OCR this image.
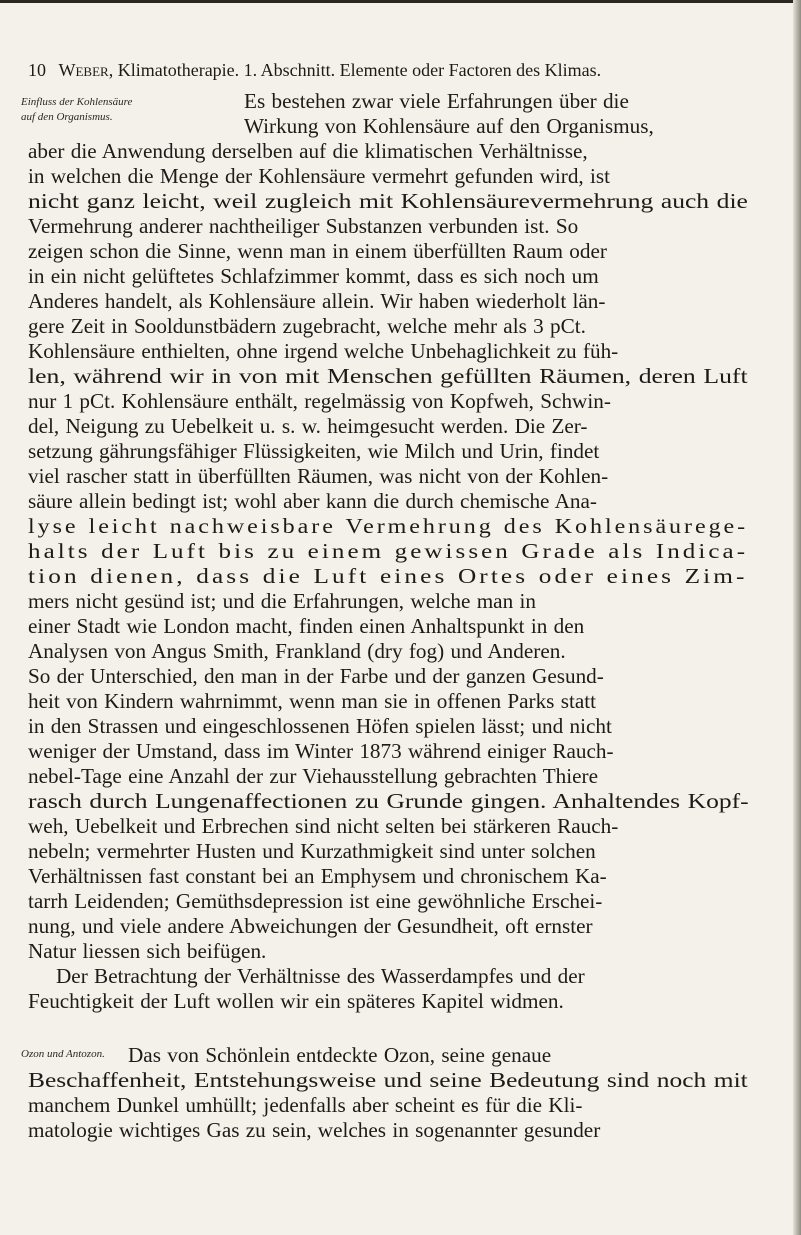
10 Weber, Klimatotherapie. 1. Abschnitt. Elemente oder Factoren des Klimas.
Einfluss der Kohlensäure
auf den Organismus.
Ozon und Antozon.
Es bestehen zwar viele Erfahrungen über die
Wirkung von Kohlensäure auf den Organismus,
aber die Anwendung derselben auf die klimatischen Verhältnisse,
in welchen die Menge der Kohlensäure vermehrt gefunden wird, ist
nicht ganz leicht, weil zugleich mit Kohlensäurevermehrung auch die
Vermehrung anderer nachtheiliger Substanzen verbunden ist. So
zeigen schon die Sinne, wenn man in einem überfüllten Raum oder
in ein nicht gelüftetes Schlafzimmer kommt, dass es sich noch um
Anderes handelt, als Kohlensäure allein. Wir haben wiederholt län-
gere Zeit in Sooldunstbädern zugebracht, welche mehr als 3 pCt.
Kohlensäure enthielten, ohne irgend welche Unbehaglichkeit zu füh-
len, während wir in von mit Menschen gefüllten Räumen, deren Luft
nur 1 pCt. Kohlensäure enthält, regelmässig von Kopfweh, Schwin-
del, Neigung zu Uebelkeit u. s. w. heimgesucht werden. Die Zer-
setzung gährungsfähiger Flüssigkeiten, wie Milch und Urin, findet
viel rascher statt in überfüllten Räumen, was nicht von der Kohlen-
säure allein bedingt ist; wohl aber kann die durch chemische Ana-
lyse leicht nachweisbare Vermehrung des Kohlensäurege-
halts der Luft bis zu einem gewissen Grade als Indica-
tion dienen, dass die Luft eines Ortes oder eines Zim-
mers nicht gesünd ist; und die Erfahrungen, welche man in
einer Stadt wie London macht, finden einen Anhaltspunkt in den
Analysen von Angus Smith, Frankland (dry fog) und Anderen.
So der Unterschied, den man in der Farbe und der ganzen Gesund-
heit von Kindern wahrnimmt, wenn man sie in offenen Parks statt
in den Strassen und eingeschlossenen Höfen spielen lässt; und nicht
weniger der Umstand, dass im Winter 1873 während einiger Rauch-
nebel-Tage eine Anzahl der zur Viehausstellung gebrachten Thiere
rasch durch Lungenaffectionen zu Grunde gingen. Anhaltendes Kopf-
weh, Uebelkeit und Erbrechen sind nicht selten bei stärkeren Rauch-
nebeln; vermehrter Husten und Kurzathmigkeit sind unter solchen
Verhältnissen fast constant bei an Emphysem und chronischem Ka-
tarrh Leidenden; Gemüthsdepression ist eine gewöhnliche Erschei-
nung, und viele andere Abweichungen der Gesundheit, oft ernster
Natur liessen sich beifügen.
Der Betrachtung der Verhältnisse des Wasserdampfes und der
Feuchtigkeit der Luft wollen wir ein späteres Kapitel widmen.
Das von Schönlein entdeckte Ozon, seine genaue
Beschaffenheit, Entstehungsweise und seine Bedeutung sind noch mit
manchem Dunkel umhüllt; jedenfalls aber scheint es für die Kli-
matologie wichtiges Gas zu sein, welches in sogenannter gesunder
